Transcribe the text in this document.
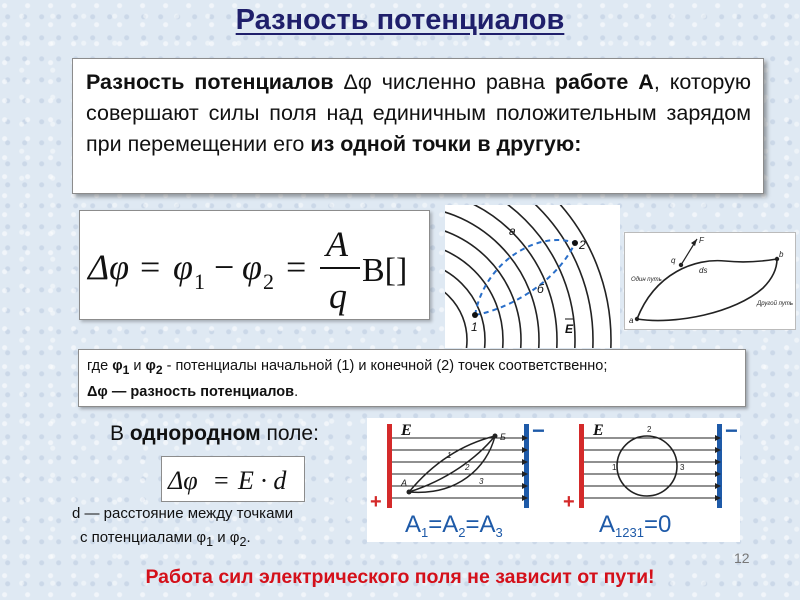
Разность потенциалов
Разность потенциалов Δφ численно равна работе А, которую совершают силы поля над единичным положительным зарядом при перемещении его из одной точки в другую:
Δφ = φ 1 − φ 2 =
A
q
В[]
a
б
1
2
E
F
q
ds
a
b
Один путь
Другой путь
где $\varphi_1$ и $\varphi_2$ - потенциалы начальной (1) и конечной (2) точек соответственно;
Δφ — разность потенциалов.
В однородном поле:
Δφ = E · d
d — расстояние между точками
с потенциалами $\varphi_1$ и $\varphi_2$.
A
Б
1
2
3
E	−
+
$A_1=A_2=A_3$
1
2
3
E	−
+
$A_{1231}=0$
12
Работа сил электрического поля не зависит от пути!
